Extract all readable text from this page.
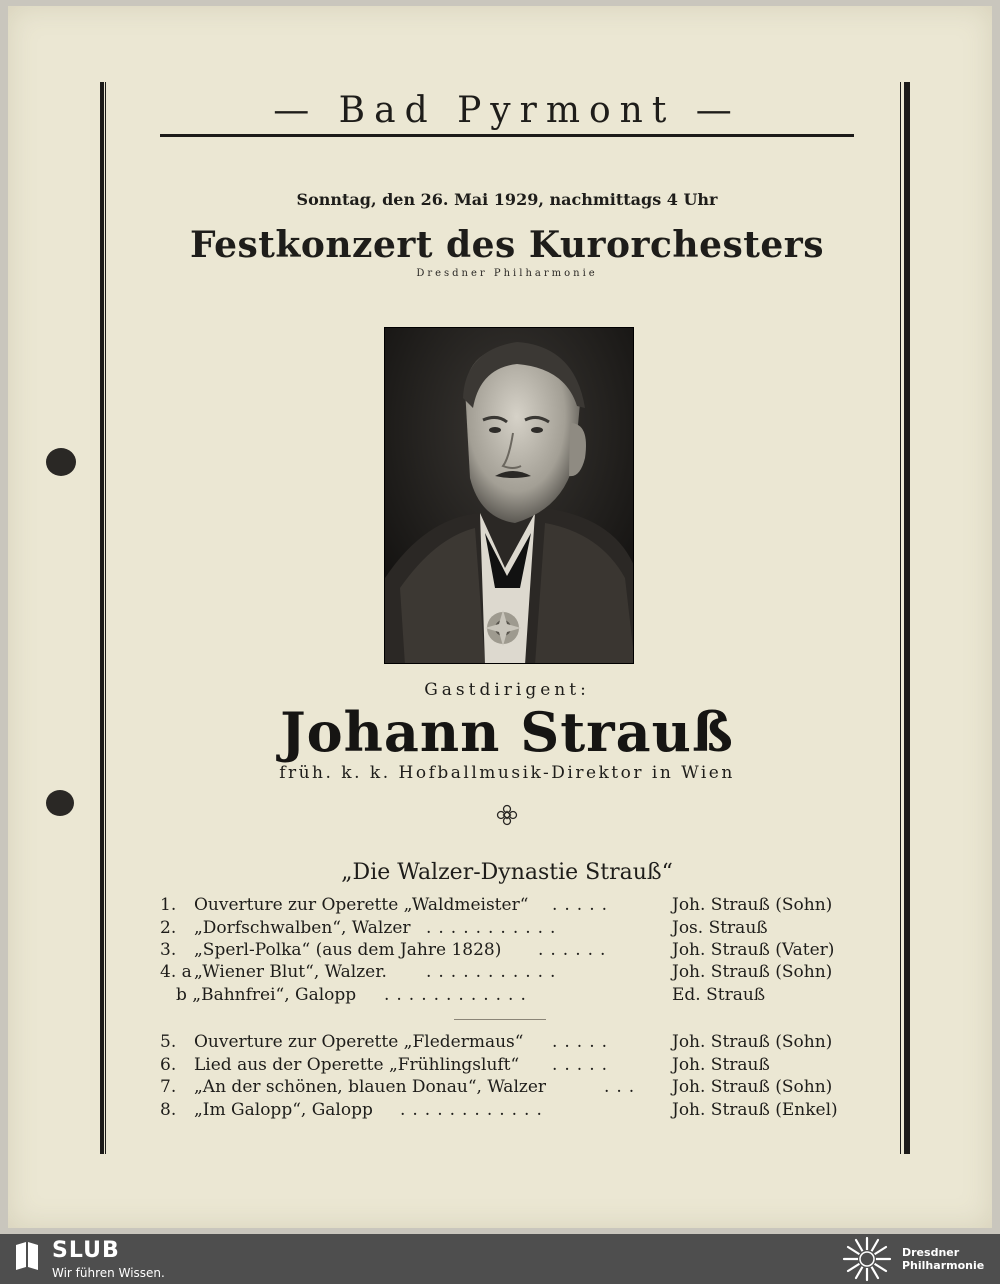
— Bad Pyrmont —
Sonntag, den 26. Mai 1929, nachmittags 4 Uhr
Festkonzert des Kurorchesters
Dresdner Philharmonie
Gastdirigent:
Johann Strauß
früh. k. k. Hofballmusik-Direktor in Wien
„Die Walzer-Dynastie Strauß“
1.	Ouverture zur Operette „Waldmeister“ .....	Joh. Strauß (Sohn)
2.	„Dorfschwalben“, Walzer ...........	Jos. Strauß
3.	„Sperl-Polka“ (aus dem Jahre 1828) ......	Joh. Strauß (Vater)
4. a „Wiener Blut“, Walzer. ...........	Joh. Strauß (Sohn)
b „Bahnfrei“, Galopp ............	Ed. Strauß
5.	Ouverture zur Operette „Fledermaus“ .....	Joh. Strauß (Sohn)
6.	Lied aus der Operette „Frühlingsluft“ .....	Joh. Strauß
7.	„An der schönen, blauen Donau“, Walzer	... Joh. Strauß (Sohn)
8.	„Im Galopp“, Galopp ............	Joh. Strauß (Enkel)
SLUB
Wir führen Wissen.
Dresdner
Philharmonie
